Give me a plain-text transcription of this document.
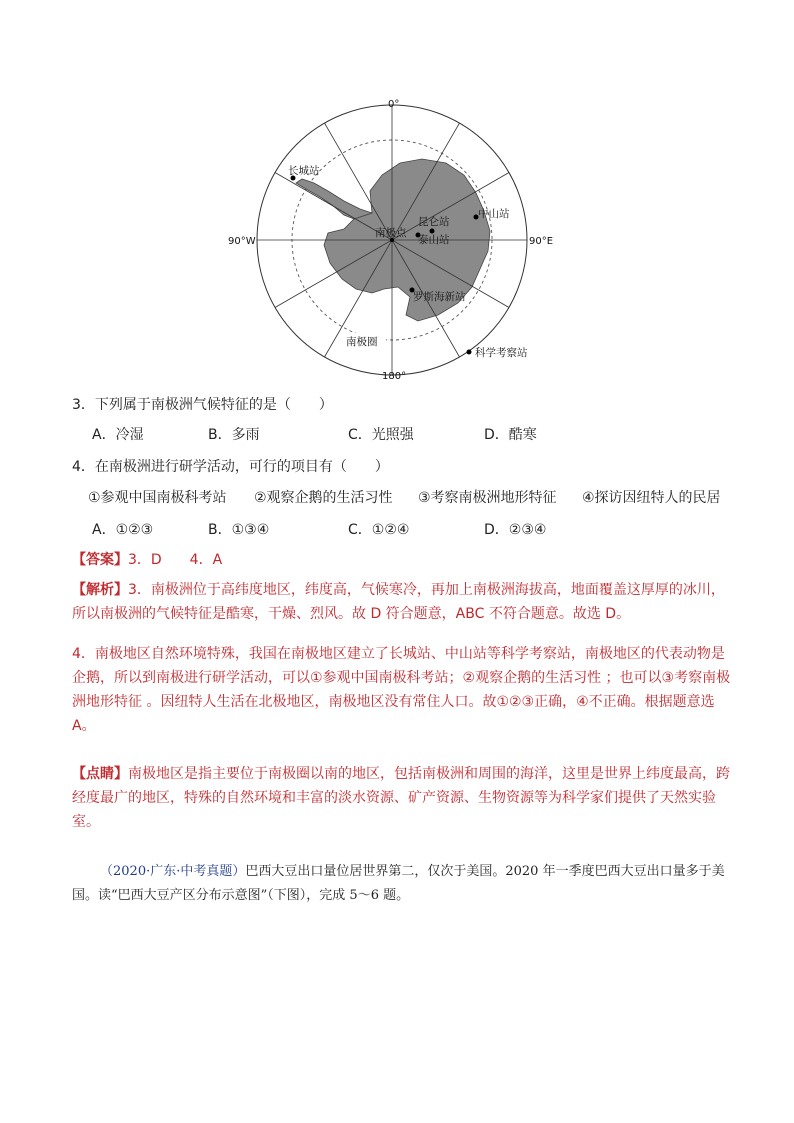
0°
180°
90°W	90°E
长城站
中山站
昆仑站
泰山站
南极点
罗斯海新站
南极圈
科学考察站
3．下列属于南极洲气候特征的是（　　）
A．冷湿	B．多雨	C．光照强	D．酷寒
4．在南极洲进行研学活动，可行的项目有（　　）
①参观中国南极科考站 ②观察企鹅的生活习性 ③考察南极洲地形特征 ④探访因纽特人的民居
A．①②③	B．①③④	C．①②④	D．②③④
【答案】3．D　　4．A
【解析】3．南极洲位于高纬度地区，纬度高，气候寒冷，再加上南极洲海拔高，地面覆盖这厚厚的冰川，所以南极洲的气候特征是酷寒，干燥、烈风。故 D 符合题意，ABC 不符合题意。故选 D。
4．南极地区自然环境特殊，我国在南极地区建立了长城站、中山站等科学考察站，南极地区的代表动物是企鹅，所以到南极进行研学活动，可以①参观中国南极科考站；②观察企鹅的生活习性 ；也可以③考察南极洲地形特征 。因纽特人生活在北极地区，南极地区没有常住人口。故①②③正确，④不正确。根据题意选 A。
【点睛】南极地区是指主要位于南极圈以南的地区，包括南极洲和周围的海洋，这里是世界上纬度最高，跨经度最广的地区，特殊的自然环境和丰富的淡水资源、矿产资源、生物资源等为科学家们提供了天然实验室。
（2020·广东·中考真题）巴西大豆出口量位居世界第二，仅次于美国。2020 年一季度巴西大豆出口量多于美国。读“巴西大豆产区分布示意图”（下图），完成 5～6 题。
